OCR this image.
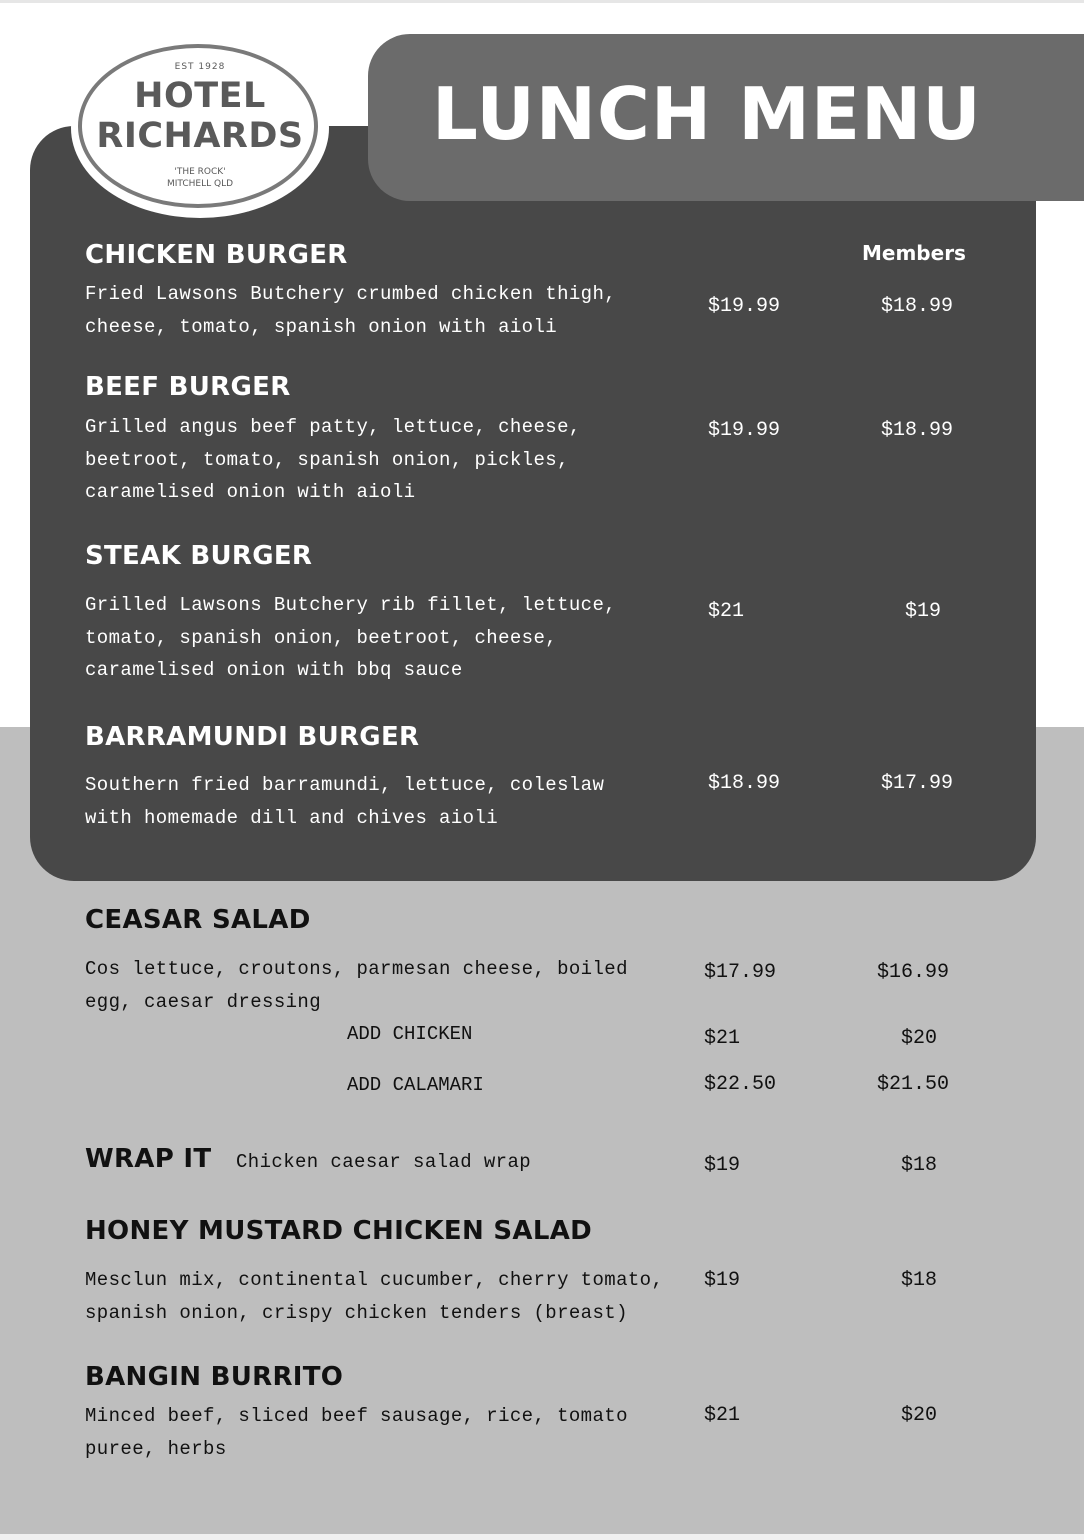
LUNCH MENU
EST 1928
HOTEL
RICHARDS
'THE ROCK'
MITCHELL QLD
Members
CHICKEN BURGER
Fried Lawsons Butchery crumbed chicken thigh,
cheese, tomato, spanish onion with aioli
$19.99	$18.99
BEEF BURGER
Grilled angus beef patty, lettuce, cheese,
beetroot, tomato, spanish onion, pickles,
caramelised onion with aioli
$19.99	$18.99
STEAK BURGER
Grilled Lawsons Butchery rib fillet, lettuce,
tomato, spanish onion, beetroot, cheese,
caramelised onion with bbq sauce
$21	$19
BARRAMUNDI BURGER
Southern fried barramundi, lettuce, coleslaw
with homemade dill and chives aioli
$18.99	$17.99
CEASAR SALAD
Cos lettuce, croutons, parmesan cheese, boiled
egg, caesar dressing
$17.99	$16.99
ADD CHICKEN	$21	$20
ADD CALAMARI	$22.50	$21.50
WRAP IT Chicken caesar salad wrap	$19	$18
HONEY MUSTARD CHICKEN SALAD
Mesclun mix, continental cucumber, cherry tomato,
spanish onion, crispy chicken tenders (breast)
$19	$18
BANGIN BURRITO
Minced beef, sliced beef sausage, rice, tomato
puree, herbs
$21	$20
